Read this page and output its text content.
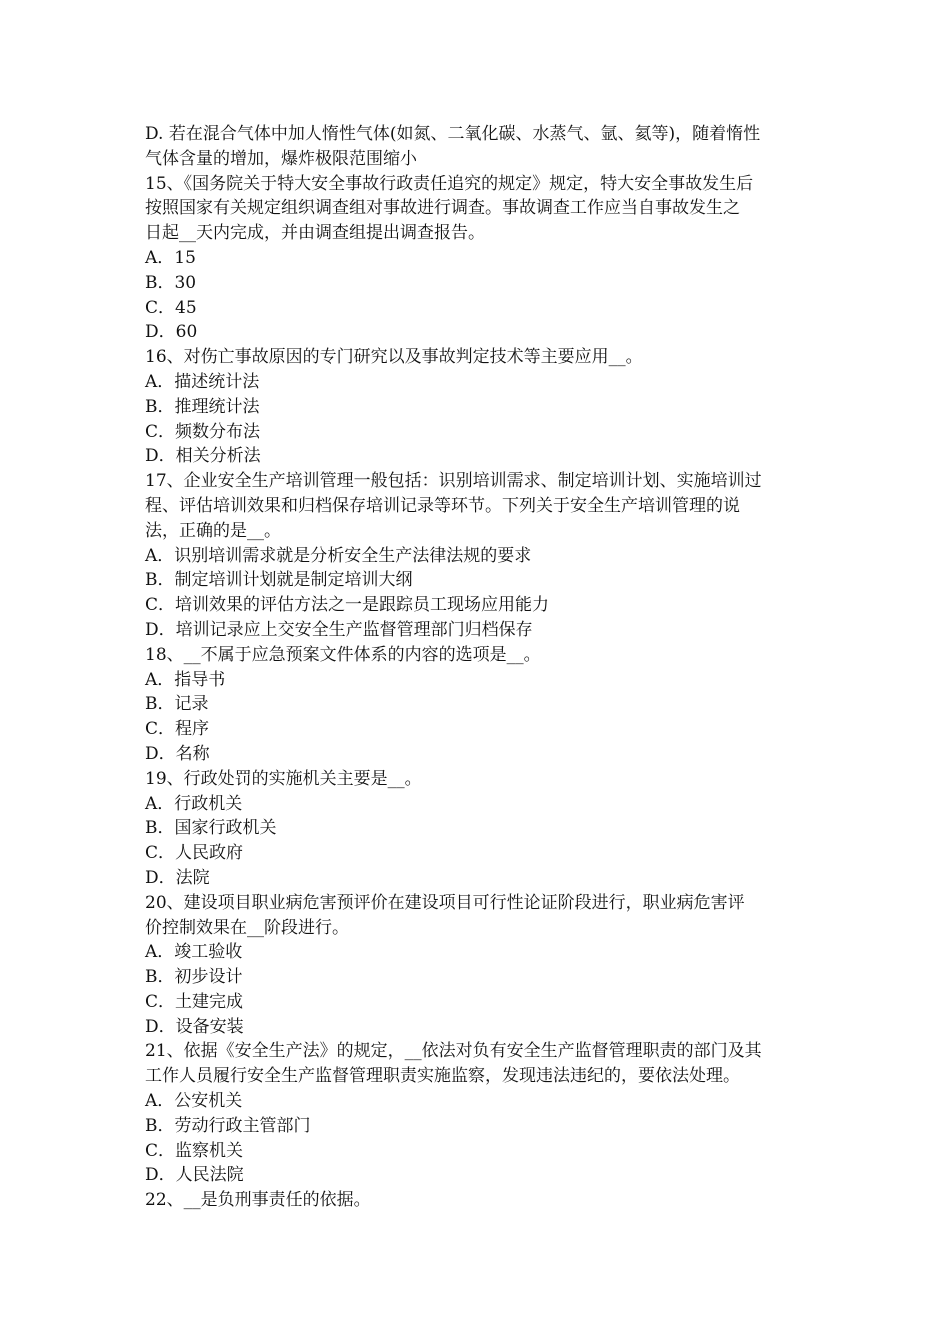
D. 若在混合气体中加人惰性气体(如氮、二氧化碳、水蒸气、氩、氦等)，随着惰性
气体含量的增加，爆炸极限范围缩小
15、《国务院关于特大安全事故行政责任追究的规定》规定，特大安全事故发生后
按照国家有关规定组织调查组对事故进行调查。事故调查工作应当自事故发生之
日起__天内完成，并由调查组提出调查报告。
A．15
B．30
C．45
D．60
16、对伤亡事故原因的专门研究以及事故判定技术等主要应用__。
A．描述统计法
B．推理统计法
C．频数分布法
D．相关分析法
17、企业安全生产培训管理一般包括：识别培训需求、制定培训计划、实施培训过
程、评估培训效果和归档保存培训记录等环节。下列关于安全生产培训管理的说
法，正确的是__。
A．识别培训需求就是分析安全生产法律法规的要求
B．制定培训计划就是制定培训大纲
C．培训效果的评估方法之一是跟踪员工现场应用能力
D．培训记录应上交安全生产监督管理部门归档保存
18、__不属于应急预案文件体系的内容的选项是__。
A．指导书
B．记录
C．程序
D．名称
19、行政处罚的实施机关主要是__。
A．行政机关
B．国家行政机关
C．人民政府
D．法院
20、建设项目职业病危害预评价在建设项目可行性论证阶段进行，职业病危害评
价控制效果在__阶段进行。
A．竣工验收
B．初步设计
C．土建完成
D．设备安装
21、依据《安全生产法》的规定，__依法对负有安全生产监督管理职责的部门及其
工作人员履行安全生产监督管理职责实施监察，发现违法违纪的，要依法处理。
A．公安机关
B．劳动行政主管部门
C．监察机关
D．人民法院
22、__是负刑事责任的依据。
